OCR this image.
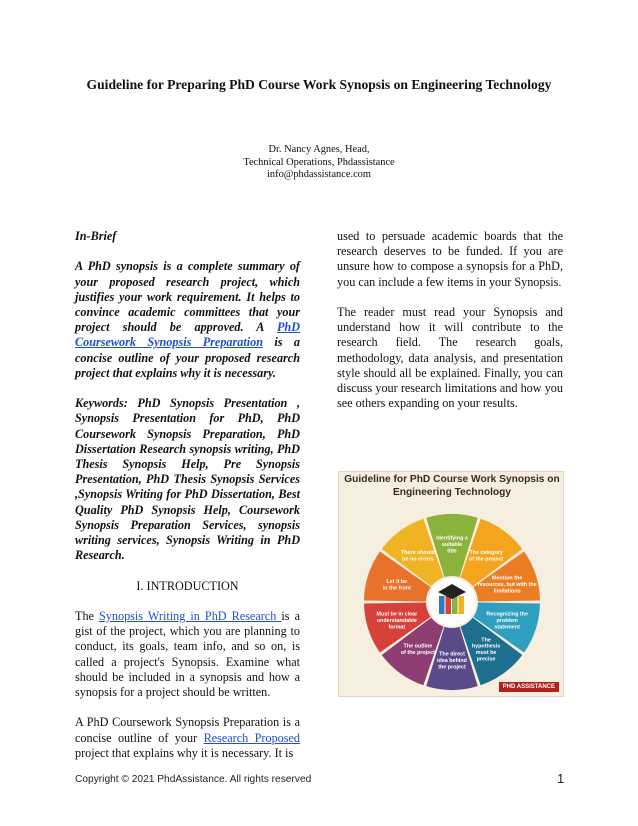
Guideline for Preparing PhD Course Work Synopsis on Engineering Technology
Dr. Nancy Agnes, Head,
Technical Operations, Phdassistance
info@phdassistance.com

In-Brief

A PhD synopsis is a complete summary of your proposed research project, which justifies your work requirement. It helps to convince academic committees that your project should be approved. A PhD Coursework Synopsis Preparation is a concise outline of your proposed research project that explains why it is necessary.

Keywords: PhD Synopsis Presentation , Synopsis Presentation for PhD, PhD Coursework Synopsis Preparation, PhD Dissertation Research synopsis writing, PhD Thesis Synopsis Help, Pre Synopsis Presentation, PhD Thesis Synopsis Services ,Synopsis Writing for PhD Dissertation, Best Quality PhD Synopsis Help, Coursework Synopsis Preparation Services, synopsis writing services, Synopsis Writing in PhD Research.

I. INTRODUCTION

The Synopsis Writing in PhD Research is a gist of the project, which you are planning to conduct, its goals, team info, and so on, is called a project's Synopsis. Examine what should be included in a synopsis and how a synopsis for a project should be written.

A PhD Coursework Synopsis Preparation is a concise outline of your Research Proposed project that explains why it is necessary. It is

used to persuade academic boards that the research deserves to be funded. If you are unsure how to compose a synopsis for a PhD, you can include a few items in your Synopsis.

The reader must read your Synopsis and understand how it will contribute to the research field. The research goals, methodology, data analysis, and presentation style should all be explained. Finally, you can discuss your research limitations and how you see others expanding on your results.

Identifying a suitable title	The category of the project
Mention the resources, but with the limitations
Recognizing the problem statement
The hypothesis must be precise
The direct idea behind the project
The outline of the project
Must be in clear understandable format
Let it be in the front
There should be no errors
Guideline for PhD Course Work Synopsis on
Engineering Technology
PHD ASSISTANCE
Copyright © 2021 PhdAssistance. All rights reserved	1
